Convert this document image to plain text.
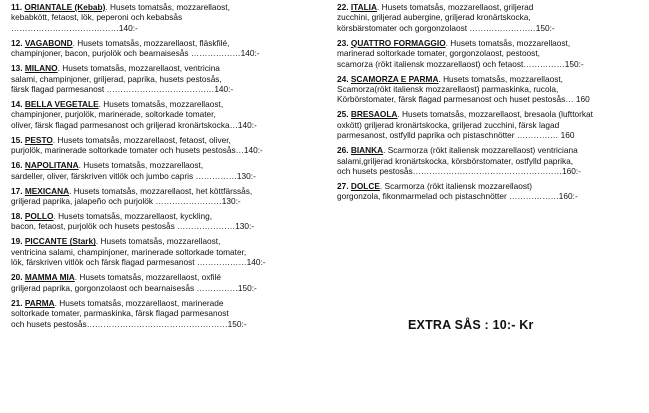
11. ORIANTALE (Kebab). Husets tomatsås, mozzarellaost,
kebabkött, fetaost, lök, peperoni och kebabsås
…………………………………140:-
12. VAGABOND. Husets tomatsås, mozzarellaost, fläskfilé,
champinjoner, bacon, purjolök och bearnaisesås ………………140:-
13. MILANO. Husets tomatsås, mozzarellaost, ventricina
salami, champinjoner, griljerad, paprika, husets pestosås,
färsk flagad parmesanost …………………………………140:-
14. BELLA VEGETALE. Husets tomatsås, mozzarellaost,
champinjoner, purjolök, marinerade, soltorkade tomater,
oliver, färsk flagad parmesanost och griljerad kronärtskocka…140:-
15. PESTO. Husets tomatsås, mozzarellaost, fetaost, oliver,
purjolök, marinerade soltorkade tomater och husets pestosås…140:-
16. NAPOLITANA. Husets tomatsås, mozzarellaost,
sardeller, oliver, färskriven vitlök och jumbo capris ……………130:-
17. MEXICANA. Husets tomatsås, mozzarellaost, het köttfärssås,
griljerad paprika, jalapeño och purjolök ……………………130:-
18. POLLO. Husets tomatsås, mozzarellaost, kyckling,
bacon, fetaost, purjolök och husets pestosås …………………130:-
19. PICCANTE (Stark). Husets tomatsås, mozzarellaost,
ventricina salami, champinjoner, marinerade soltorkade tomater,
lök, färskriven vitlök och färsk flagad parmesanost ………………140:-
20. MAMMA MIA. Husets tomatsås, mozzarellaost, oxfilé
griljerad paprika, gorgonzolaost och bearnaisesås ……………150:-
21. PARMA. Husets tomatsås, mozzarellaost, marinerade
soltorkade tomater, parmaskinka, färsk flagad parmesanost
och husets pestosås……………………………………………150:-
22. ITALIA. Husets tomatsås, mozzarellaost, griljerad
zucchini, griljerad aubergine, griljerad kronärtskocka,
körsbärstomater och gorgonzolaost ……………………150:-
23. QUATTRO FORMAGGIO. Husets tomatsås, mozzarellaost,
marinerad soltorkade tomater, gorgonzolaost, pestoost,
scamorza (rökt italiensk mozzarellaost) och fetaost……………150:-
24. SCAMORZA E PARMA. Husets tomatsås, mozzarellaost,
Scamorza(rökt italiensk mozzarellaost) parmaskinka, rucola,
Körbörstomater, färsk flagad parmesanost och huset pestosås… 160
25. BRESAOLA. Husets tomatsås, mozzarellaost, bresaola (lufttorkat
oxkött) griljerad kronärtskocka, griljerad zucchini, färsk lagad
parmesanost, ostfylld paprika och pistaschnötter …………… 160
26. BIANKA. Scarmorza (rökt italiensk mozzarellaost) ventriciana
salami,griljerad kronärtskocka, körsbörstomater, ostfylld paprika,
och husets pestosås………………………………………………160:-
27. DOLCE. Scarmorza (rökt italiensk mozzarellaost)
gorgonzola, fikonmarmelad och pistaschnötter ………………160:-
EXTRA SÅS : 10:- Kr
